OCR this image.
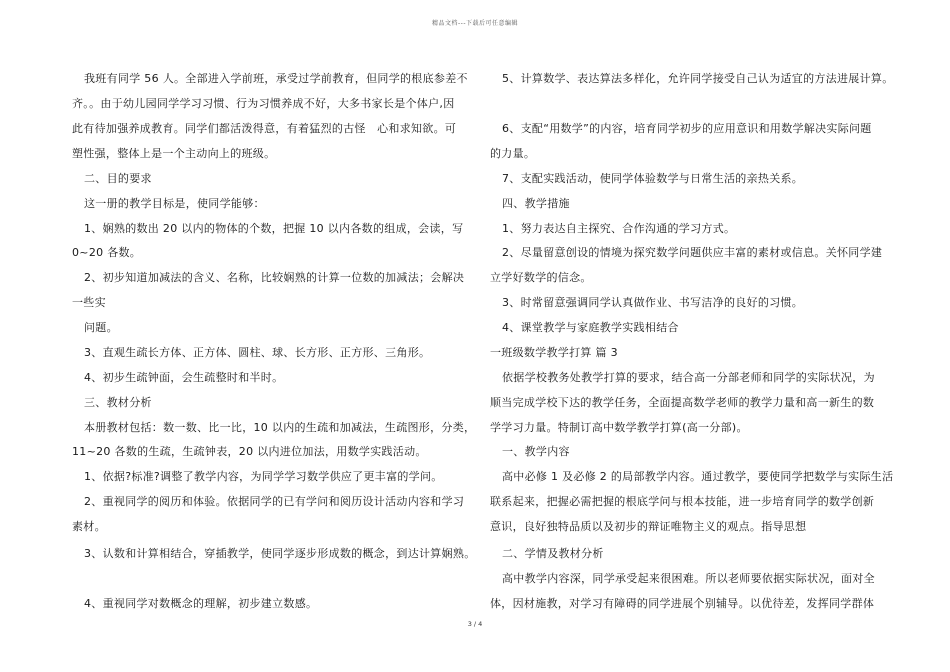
精品文档---下载后可任意编辑
我班有同学 56 人。全部进入学前班，承受过学前教育，但同学的根底参差不
齐。。由于幼儿园同学学习习惯、行为习惯养成不好，大多书家长是个体户,因
此有待加强养成教育。同学们都活泼得意，有着猛烈的古怪　心和求知欲。可
塑性强，整体上是一个主动向上的班级。
二、目的要求
这一册的教学目标是，使同学能够：
1、娴熟的数出 20 以内的物体的个数，把握 10 以内各数的组成，会读，写
0~20 各数。
2、初步知道加减法的含义、名称，比较娴熟的计算一位数的加减法；会解决
一些实
问题。
3、直观生疏长方体、正方体、圆柱、球、长方形、正方形、三角形。
4、初步生疏钟面，会生疏整时和半时。
三、教材分析
本册教材包括：数一数、比一比，10 以内的生疏和加减法，生疏图形，分类，
11~20 各数的生疏，生疏钟表，20 以内进位加法，用数学实践活动。
1、依据?标准?调整了教学内容，为同学学习数学供应了更丰富的学问。
2、重视同学的阅历和体验。依据同学的已有学问和阅历设计活动内容和学习
素材。
3、认数和计算相结合，穿插教学，使同学逐步形成数的概念，到达计算娴熟。
4、重视同学对数概念的理解，初步建立数感。
5、计算数学、表达算法多样化，允许同学接受自己认为适宜的方法进展计算。
6、支配“用数学”的内容，培育同学初步的应用意识和用数学解决实际问题
的力量。
7、支配实践活动，使同学体验数学与日常生活的亲热关系。
四、教学措施
1、努力表达自主探究、合作沟通的学习方式。
2、尽量留意创设的情境为探究数学问题供应丰富的素材或信息。关怀同学建
立学好数学的信念。
3、时常留意强调同学认真做作业、书写洁净的良好的习惯。
4、课堂教学与家庭教学实践相结合
一班级数学教学打算 篇 3
依据学校教务处教学打算的要求，结合高一分部老师和同学的实际状况，为
顺当完成学校下达的教学任务，全面提高数学老师的教学力量和高一新生的数
学学习力量。特制订高中数学教学打算(高一分部)。
一、教学内容
高中必修 1 及必修 2 的局部教学内容。通过教学，要使同学把数学与实际生活
联系起来，把握必需把握的根底学问与根本技能，进一步培育同学的数学创新
意识，良好独特品质以及初步的辩证唯物主义的观点。指导思想
二、学情及教材分析
高中教学内容深，同学承受起来很困难。所以老师要依据实际状况，面对全
体，因材施教，对学习有障碍的同学进展个别辅导。以优待差，发挥同学群体
3 / 4
